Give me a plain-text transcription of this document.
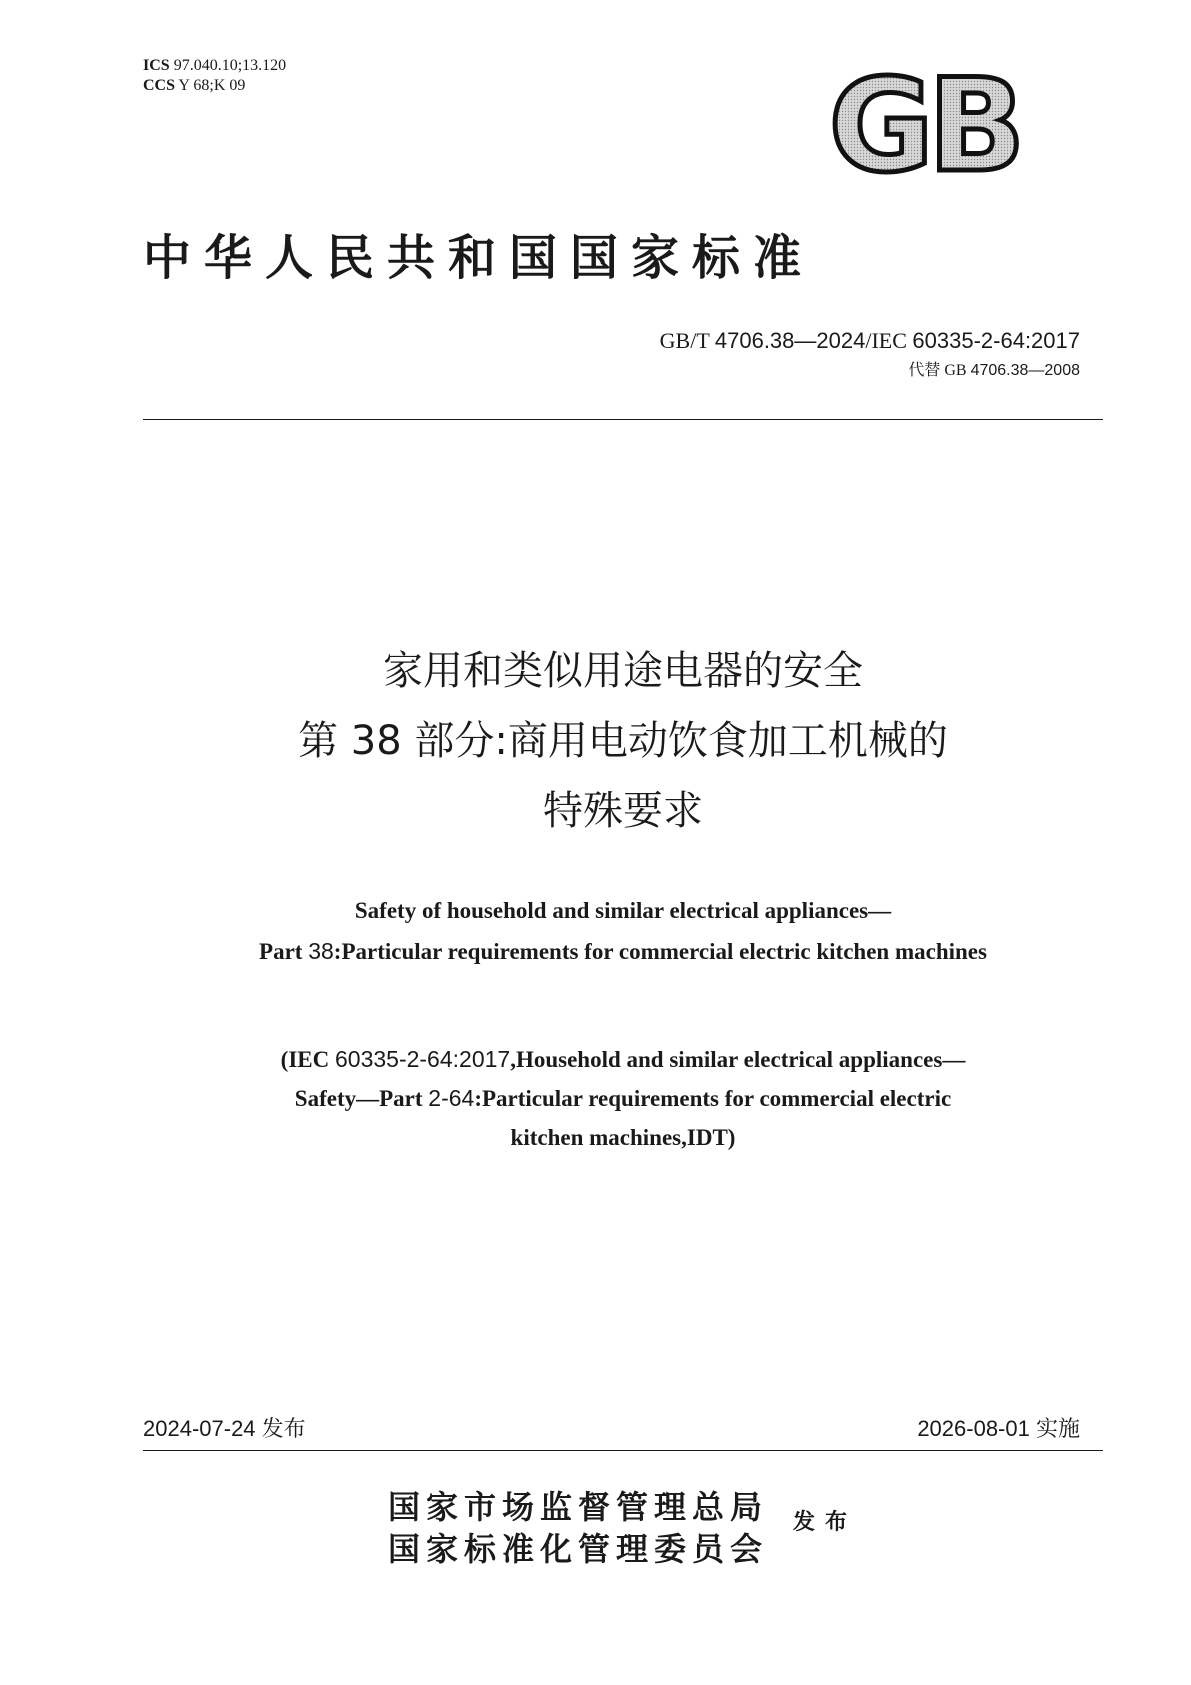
ICS 97.040.10;13.120
CCS Y 68;K 09	GB
中华人民共和国国家标准
GB/T 4706.38—2024/IEC 60335-2-64:2017
代替 GB 4706.38—2008
家用和类似用途电器的安全
第 38 部分:商用电动饮食加工机械的
特殊要求
Safety of household and similar electrical appliances—
Part 38:Particular requirements for commercial electric kitchen machines
(IEC 60335-2-64:2017,Household and similar electrical appliances—
Safety—Part 2-64:Particular requirements for commercial electric
kitchen machines,IDT)
2024-07-24 发布	2026-08-01 实施
国家市场监督管理总局
国家标准化管理委员会
发布
